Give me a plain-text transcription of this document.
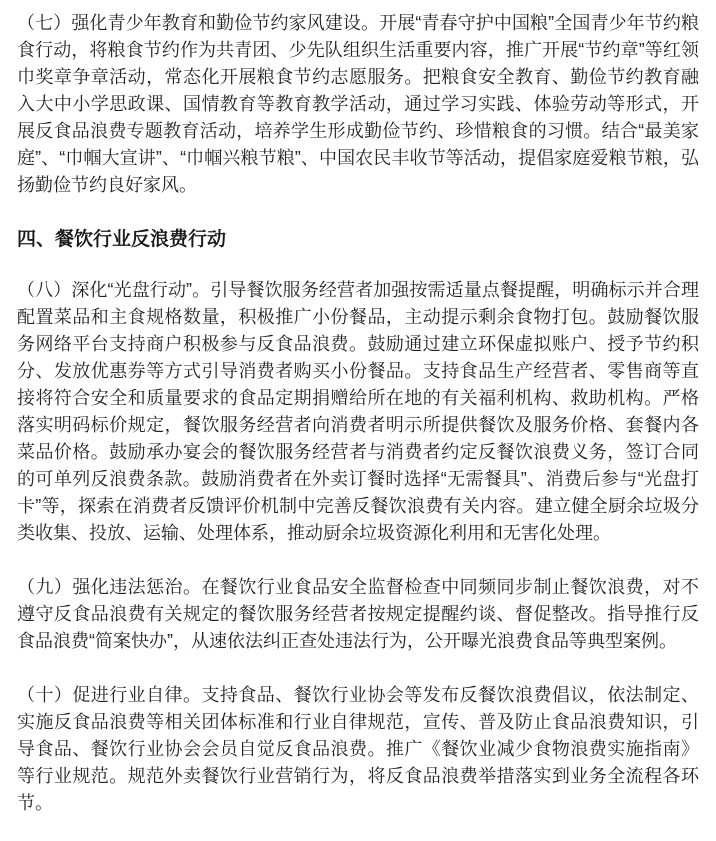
（七）强化青少年教育和勤俭节约家风建设。开展“青春守护中国粮”全国青少年节约粮食行动，将粮食节约作为共青团、少先队组织生活重要内容，推广开展“节约章”等红领巾奖章争章活动，常态化开展粮食节约志愿服务。把粮食安全教育、勤俭节约教育融入大中小学思政课、国情教育等教育教学活动，通过学习实践、体验劳动等形式，开展反食品浪费专题教育活动，培养学生形成勤俭节约、珍惜粮食的习惯。结合“最美家庭”、“巾帼大宣讲”、“巾帼兴粮节粮”、中国农民丰收节等活动，提倡家庭爱粮节粮，弘扬勤俭节约良好家风。

四、餐饮行业反浪费行动

（八）深化“光盘行动”。引导餐饮服务经营者加强按需适量点餐提醒，明确标示并合理配置菜品和主食规格数量，积极推广小份餐品，主动提示剩余食物打包。鼓励餐饮服务网络平台支持商户积极参与反食品浪费。鼓励通过建立环保虚拟账户、授予节约积分、发放优惠券等方式引导消费者购买小份餐品。支持食品生产经营者、零售商等直接将符合安全和质量要求的食品定期捐赠给所在地的有关福利机构、救助机构。严格落实明码标价规定，餐饮服务经营者向消费者明示所提供餐饮及服务价格、套餐内各菜品价格。鼓励承办宴会的餐饮服务经营者与消费者约定反餐饮浪费义务，签订合同的可单列反浪费条款。鼓励消费者在外卖订餐时选择“无需餐具”、消费后参与“光盘打卡”等，探索在消费者反馈评价机制中完善反餐饮浪费有关内容。建立健全厨余垃圾分类收集、投放、运输、处理体系，推动厨余垃圾资源化利用和无害化处理。

（九）强化违法惩治。在餐饮行业食品安全监督检查中同频同步制止餐饮浪费，对不遵守反食品浪费有关规定的餐饮服务经营者按规定提醒约谈、督促整改。指导推行反食品浪费“简案快办”，从速依法纠正查处违法行为，公开曝光浪费食品等典型案例。

（十）促进行业自律。支持食品、餐饮行业协会等发布反餐饮浪费倡议，依法制定、实施反食品浪费等相关团体标准和行业自律规范，宣传、普及防止食品浪费知识，引导食品、餐饮行业协会会员自觉反食品浪费。推广《餐饮业减少食物浪费实施指南》等行业规范。规范外卖餐饮行业营销行为，将反食品浪费举措落实到业务全流程各环节。
